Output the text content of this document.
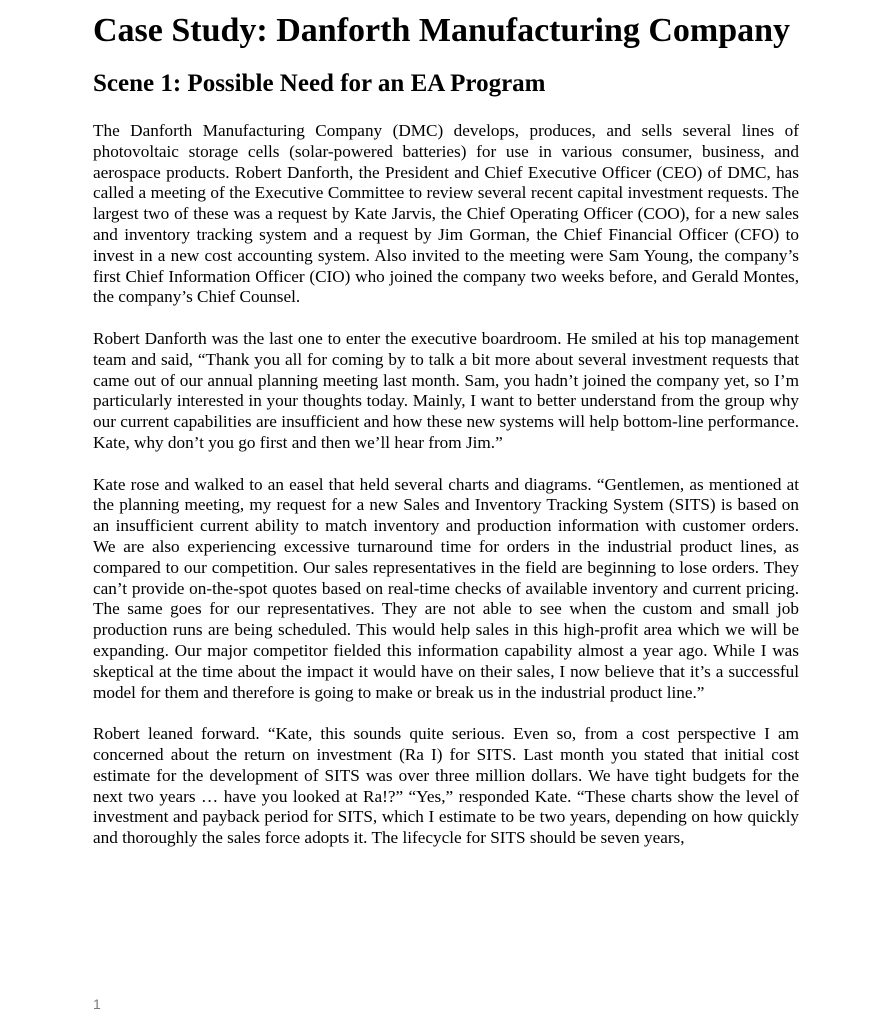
Case Study: Danforth Manufacturing Company
Scene 1: Possible Need for an EA Program

The Danforth Manufacturing Company (DMC) develops, produces, and sells several lines of photovoltaic storage cells (solar-powered batteries) for use in various consumer, business, and aerospace products. Robert Danforth, the President and Chief Executive Officer (CEO) of DMC, has called a meeting of the Executive Committee to review several recent capital investment requests. The largest two of these was a request by Kate Jarvis, the Chief Operating Officer (COO), for a new sales and inventory tracking system and a request by Jim Gorman, the Chief Financial Officer (CFO) to invest in a new cost accounting system. Also invited to the meeting were Sam Young, the company’s first Chief Information Officer (CIO) who joined the company two weeks before, and Gerald Montes, the company’s Chief Counsel.

Robert Danforth was the last one to enter the executive boardroom. He smiled at his top management team and said, “Thank you all for coming by to talk a bit more about several investment requests that came out of our annual planning meeting last month. Sam, you hadn’t joined the company yet, so I’m particularly interested in your thoughts today. Mainly, I want to better understand from the group why our current capabilities are insufficient and how these new systems will help bottom-line performance. Kate, why don’t you go first and then we’ll hear from Jim.”

Kate rose and walked to an easel that held several charts and diagrams. “Gentlemen, as mentioned at the planning meeting, my request for a new Sales and Inventory Tracking System (SITS) is based on an insufficient current ability to match inventory and production information with customer orders. We are also experiencing excessive turnaround time for orders in the industrial product lines, as compared to our competition. Our sales representatives in the field are beginning to lose orders. They can’t provide on-the-spot quotes based on real-time checks of available inventory and current pricing. The same goes for our representatives. They are not able to see when the custom and small job production runs are being scheduled. This would help sales in this high-profit area which we will be expanding. Our major competitor fielded this information capability almost a year ago. While I was skeptical at the time about the impact it would have on their sales, I now believe that it’s a successful model for them and therefore is going to make or break us in the industrial product line.”

Robert leaned forward. “Kate, this sounds quite serious. Even so, from a cost perspective I am concerned about the return on investment (Ra I) for SITS. Last month you stated that initial cost estimate for the development of SITS was over three million dollars. We have tight budgets for the next two years … have you looked at Ra!?” “Yes,” responded Kate. “These charts show the level of investment and payback period for SITS, which I estimate to be two years, depending on how quickly and thoroughly the sales force adopts it. The lifecycle for SITS should be seven years,

1
